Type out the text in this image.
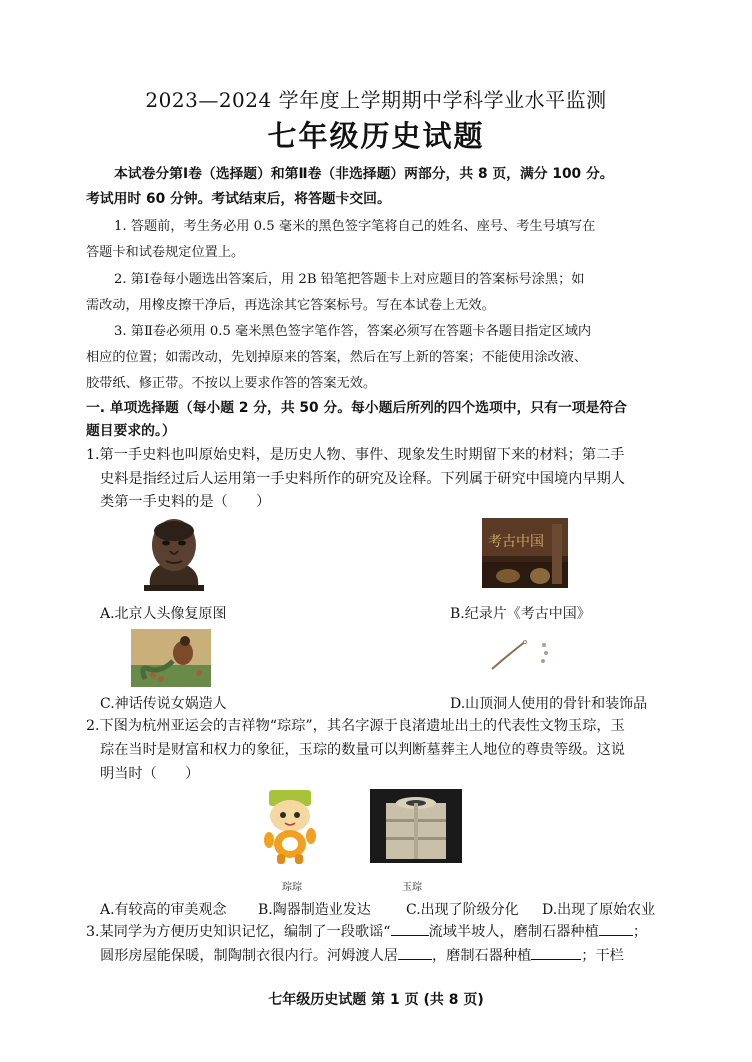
2023—2024 学年度上学期期中学科学业水平监测
七年级历史试题
本试卷分第Ⅰ卷（选择题）和第Ⅱ卷（非选择题）两部分，共 8 页，满分 100 分。
考试用时 60 分钟。考试结束后，将答题卡交回。
1. 答题前，考生务必用 0.5 毫米的黑色签字笔将自己的姓名、座号、考生号填写在
答题卡和试卷规定位置上。
2. 第Ⅰ卷每小题选出答案后，用 2B 铅笔把答题卡上对应题目的答案标号涂黑；如
需改动，用橡皮擦干净后，再选涂其它答案标号。写在本试卷上无效。
3. 第Ⅱ卷必须用 0.5 毫米黑色签字笔作答，答案必须写在答题卡各题目指定区域内
相应的位置；如需改动，先划掉原来的答案，然后在写上新的答案；不能使用涂改液、
胶带纸、修正带。不按以上要求作答的答案无效。
一. 单项选择题（每小题 2 分，共 50 分。每小题后所列的四个选项中，只有一项是符合
题目要求的。）
1.第一手史料也叫原始史料，是历史人物、事件、现象发生时期留下来的材料；第二手
史料是指经过后人运用第一手史料所作的研究及诠释。下列属于研究中国境内早期人
类第一手史料的是（　　）
考古中国
A.北京人头像复原图	B.纪录片《考古中国》
C.神话传说女娲造人	D.山顶洞人使用的骨针和装饰品
2.下图为杭州亚运会的吉祥物“琮琮”，其名字源于良渚遗址出土的代表性文物玉琮，玉
琮在当时是财富和权力的象征，玉琮的数量可以判断墓葬主人地位的尊贵等级。这说
明当时（　　）
琮琮	玉琮
A.有较高的审美观念 B.陶器制造业发达	C.出现了阶级分化 D.出现了原始农业
3.某同学为方便历史知识记忆，编制了一段歌谣“	流域半坡人，磨制石器种植 ；
圆形房屋能保暖，制陶制衣很内行。河姆渡人居 ，磨制石器种植	；干栏
七年级历史试题 第 1 页 (共 8 页)
